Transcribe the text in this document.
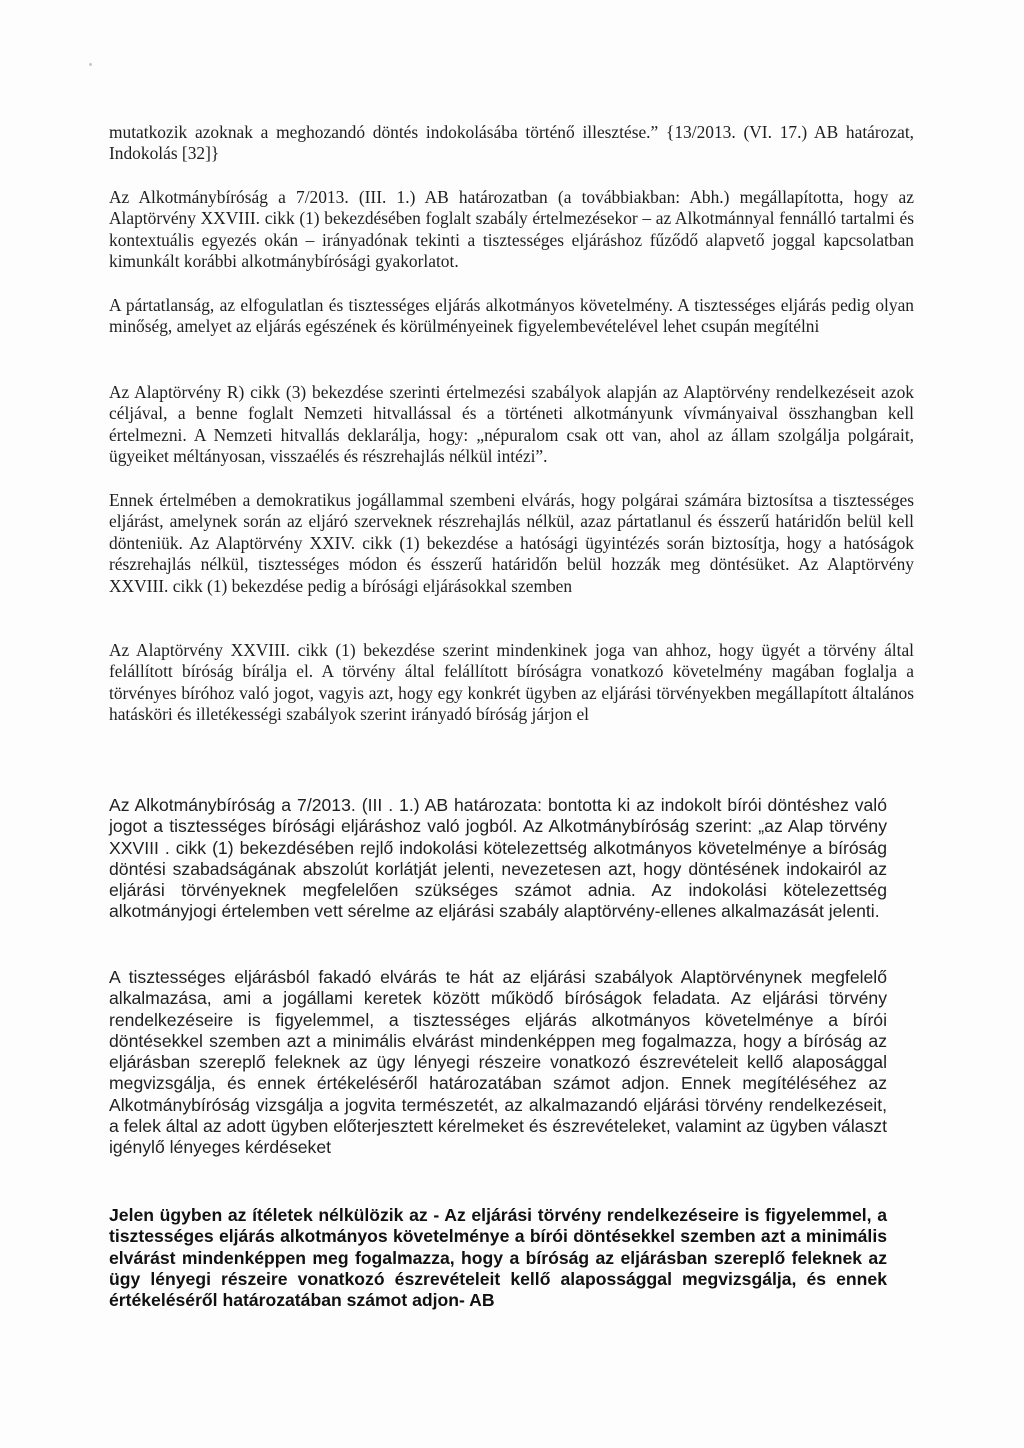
mutatkozik azoknak a meghozandó döntés indokolásába történő illesztése.” {13/2013. (VI. 17.) AB határozat, Indokolás [32]}

Az Alkotmánybíróság a 7/2013. (III. 1.) AB határozatban (a továbbiakban: Abh.) megállapította, hogy az Alaptörvény XXVIII. cikk (1) bekezdésében foglalt szabály értelmezésekor – az Alkotmánnyal fennálló tartalmi és kontextuális egyezés okán – irányadónak tekinti a tisztességes eljáráshoz fűződő alapvető joggal kapcsolatban kimunkált korábbi alkotmánybírósági gyakorlatot.

A pártatlanság, az elfogulatlan és tisztességes eljárás alkotmányos követelmény. A tisztességes eljárás pedig olyan minőség, amelyet az eljárás egészének és körülményeinek figyelembevételével lehet csupán megítélni

Az Alaptörvény R) cikk (3) bekezdése szerinti értelmezési szabályok alapján az Alaptörvény rendelkezéseit azok céljával, a benne foglalt Nemzeti hitvallással és a történeti alkotmányunk vívmányaival összhangban kell értelmezni. A Nemzeti hitvallás deklarálja, hogy: „népuralom csak ott van, ahol az állam szolgálja polgárait, ügyeiket méltányosan, visszaélés és részrehajlás nélkül intézi”.

Ennek értelmében a demokratikus jogállammal szembeni elvárás, hogy polgárai számára biztosítsa a tisztességes eljárást, amelynek során az eljáró szerveknek részrehajlás nélkül, azaz pártatlanul és ésszerű határidőn belül kell dönteniük. Az Alaptörvény XXIV. cikk (1) bekezdése a hatósági ügyintézés során biztosítja, hogy a hatóságok részrehajlás nélkül, tisztességes módon és ésszerű határidőn belül hozzák meg döntésüket. Az Alaptörvény XXVIII. cikk (1) bekezdése pedig a bírósági eljárásokkal szemben

Az Alaptörvény XXVIII. cikk (1) bekezdése szerint mindenkinek joga van ahhoz, hogy ügyét a törvény által felállított bíróság bírálja el. A törvény által felállított bíróságra vonatkozó követelmény magában foglalja a törvényes bíróhoz való jogot, vagyis azt, hogy egy konkrét ügyben az eljárási törvényekben megállapított általános hatásköri és illetékességi szabályok szerint irányadó bíróság járjon el

Az Alkotmánybíróság a 7/2013. (III . 1.) AB határozata: bontotta ki az indokolt bírói döntéshez való jogot a tisztességes bírósági eljáráshoz való jogból. Az Alkotmánybíróság szerint: „az Alap törvény XXVIII . cikk (1) bekezdésében rejlő indokolási kötelezettség alkotmányos követelménye a bíróság döntési szabadságának abszolút korlátját jelenti, nevezetesen azt, hogy döntésének indokairól az eljárási törvényeknek megfelelően szükséges számot adnia. Az indokolási kötelezettség alkotmányjogi értelemben vett sérelme az eljárási szabály alaptörvény-ellenes alkalmazását jelenti.

A tisztességes eljárásból fakadó elvárás te hát az eljárási szabályok Alaptörvénynek megfelelő alkalmazása, ami a jogállami keretek között működő bíróságok feladata. Az eljárási törvény rendelkezéseire is figyelemmel, a tisztességes eljárás alkotmányos követelménye a bírói döntésekkel szemben azt a minimális elvárást mindenképpen meg fogalmazza, hogy a bíróság az eljárásban szereplő feleknek az ügy lényegi részeire vonatkozó észrevételeit kellő alaposággal megvizsgálja, és ennek értékeléséről határozatában számot adjon. Ennek megítéléséhez az Alkotmánybíróság vizsgálja a jogvita természetét, az alkalmazandó eljárási törvény rendelkezéseit, a felek által az adott ügyben előterjesztett kérelmeket és észrevételeket, valamint az ügyben választ igénylő lényeges kérdéseket

Jelen ügyben az ítéletek nélkülözik az - Az eljárási törvény rendelkezéseire is figyelemmel, a tisztességes eljárás alkotmányos követelménye a bírói döntésekkel szemben azt a minimális elvárást mindenképpen meg fogalmazza, hogy a bíróság az eljárásban szereplő feleknek az ügy lényegi részeire vonatkozó észrevételeit kellő alapossággal megvizsgálja, és ennek értékeléséről határozatában számot adjon- AB
